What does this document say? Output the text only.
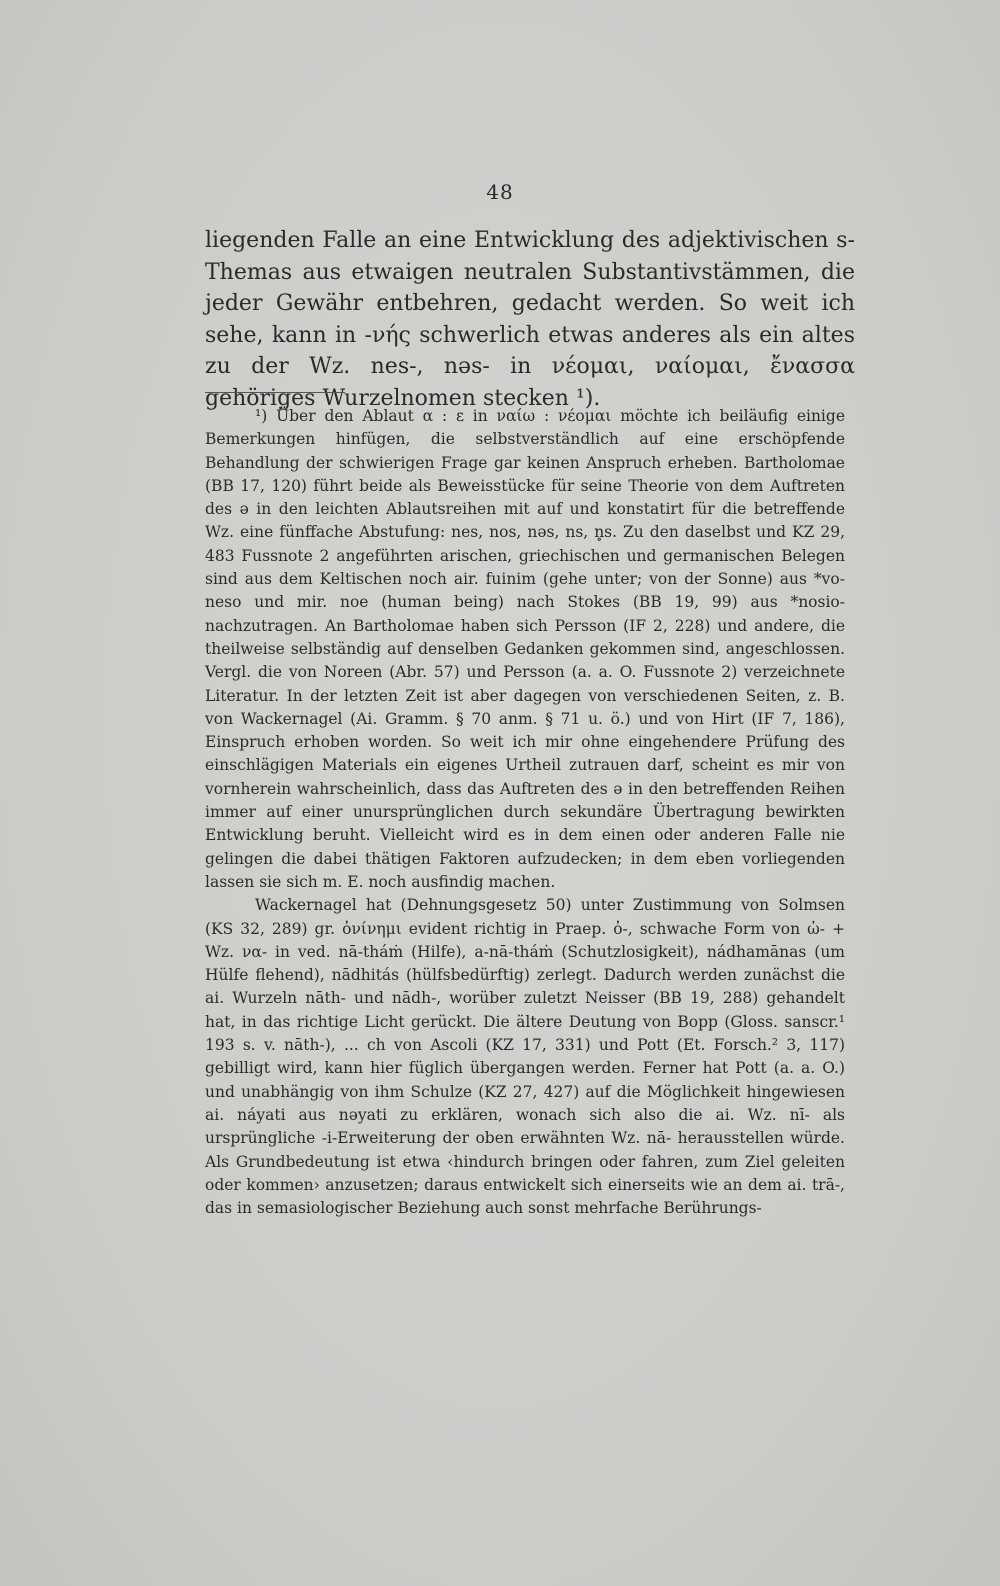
48

liegenden Falle an eine Entwicklung des adjektivischen s-Themas aus etwaigen neutralen Substantivstämmen, die jeder Gewähr entbehren, gedacht werden. So weit ich sehe, kann in -νής schwerlich etwas anderes als ein altes zu der Wz. nes-, nəs- in νέομαι, ναίομαι, ἔνασσα gehöriges Wurzelnomen stecken ¹).

¹) Über den Ablaut α : ε in ναίω : νέομαι möchte ich beiläufig einige Bemerkungen hinfügen, die selbstverständlich auf eine erschöpfende Behandlung der schwierigen Frage gar keinen Anspruch erheben. Bartholomae (BB 17, 120) führt beide als Beweisstücke für seine Theorie von dem Auftreten des ə in den leichten Ablautsreihen mit auf und konstatirt für die betreffende Wz. eine fünffache Abstufung: nes, nos, nəs, ns, n̥s. Zu den daselbst und KZ 29, 483 Fussnote 2 angeführten arischen, griechischen und germanischen Belegen sind aus dem Keltischen noch air. fuinim (gehe unter; von der Sonne) aus *vo-neso und mir. noe (human being) nach Stokes (BB 19, 99) aus *nosio- nachzutragen. An Bartholomae haben sich Persson (IF 2, 228) und andere, die theilweise selbständig auf denselben Gedanken gekommen sind, angeschlossen. Vergl. die von Noreen (Abr. 57) und Persson (a. a. O. Fussnote 2) verzeichnete Literatur. In der letzten Zeit ist aber dagegen von verschiedenen Seiten, z. B. von Wackernagel (Ai. Gramm. § 70 anm. § 71 u. ö.) und von Hirt (IF 7, 186), Einspruch erhoben worden. So weit ich mir ohne eingehendere Prüfung des einschlägigen Materials ein eigenes Urtheil zutrauen darf, scheint es mir von vornherein wahrscheinlich, dass das Auftreten des ə in den betreffenden Reihen immer auf einer unursprünglichen durch sekundäre Übertragung bewirkten Entwicklung beruht. Vielleicht wird es in dem einen oder anderen Falle nie gelingen die dabei thätigen Faktoren aufzudecken; in dem eben vorliegenden lassen sie sich m. E. noch ausfindig machen.

Wackernagel hat (Dehnungsgesetz 50) unter Zustimmung von Solmsen (KS 32, 289) gr. ὀνίνημι evident richtig in Praep. ὀ-, schwache Form von ὠ- + Wz. να- in ved. nā-tháṁ (Hilfe), a-nā-tháṁ (Schutzlosigkeit), nádhamānas (um Hülfe flehend), nādhitás (hülfsbedürftig) zerlegt. Dadurch werden zunächst die ai. Wurzeln nāth- und nādh-, worüber zuletzt Neisser (BB 19, 288) gehandelt hat, in das richtige Licht gerückt. Die ältere Deutung von Bopp (Gloss. sanscr.¹ 193 s. v. nāth-), ... ch von Ascoli (KZ 17, 331) und Pott (Et. Forsch.² 3, 117) gebilligt wird, kann hier füglich übergangen werden. Ferner hat Pott (a. a. O.) und unabhängig von ihm Schulze (KZ 27, 427) auf die Möglichkeit hingewiesen ai. náyati aus nəyati zu erklären, wonach sich also die ai. Wz. nī- als ursprüngliche -i-Erweiterung der oben erwähnten Wz. nā- herausstellen würde. Als Grundbedeutung ist etwa ‹hindurch bringen oder fahren, zum Ziel geleiten oder kommen› anzusetzen; daraus entwickelt sich einerseits wie an dem ai. trā-, das in semasiologischer Beziehung auch sonst mehrfache Berührungs-
